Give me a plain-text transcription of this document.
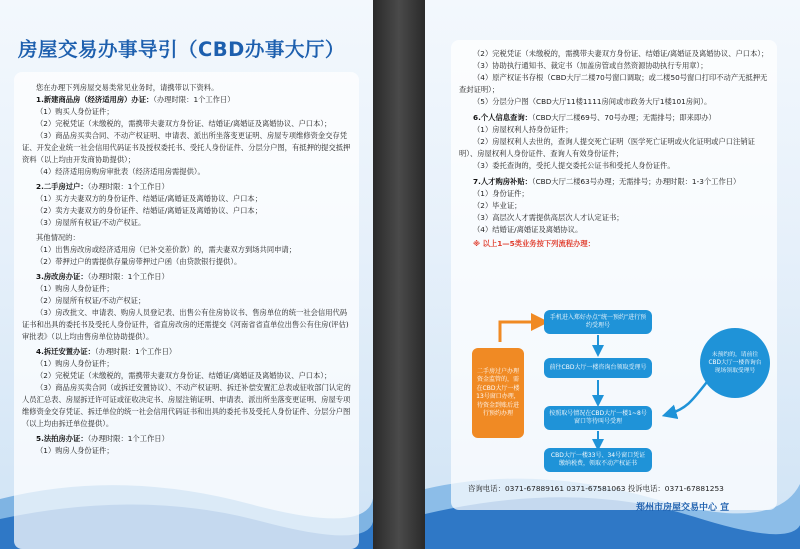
房屋交易办事导引（CBD办事大厅）

您在办理下列房屋交易类常见业务时，请携带以下资料。

1.新建商品房（经济适用房）办证：（办理时限：1个工作日）

（1）购买人身份证件；

（2）完税凭证（未缴税的，需携带夫妻双方身份证、结婚证/离婚证及离婚协议、户口本）；

（3）商品房买卖合同、不动产权证明、申请表、派出所坐落变更证明、房屋专项维修资金交存凭证、开发企业统一社会信用代码证书及授权委托书、受托人身份证件、分层分户图，有抵押的提交抵押资料（以上均由开发商协助提供）；

（4）经济适用房购房审批表（经济适用房需提供）。

2.二手房过户：（办理时限：1个工作日）

（1）买方夫妻双方的身份证件、结婚证/离婚证及离婚协议、户口本；

（2）卖方夫妻双方的身份证件、结婚证/离婚证及离婚协议、户口本；

（3）房屋所有权证/不动产权证。

其他情况的：

（1）出售房改房或经济适用房（已补交差价款）的，需夫妻双方到场共同申请；

（2）带押过户的需提供存量房带押过户函（由贷款银行提供）。

3.房改房办证：（办理时限：1个工作日）

（1）购房人身份证件；

（2）房屋所有权证/不动产权证；

（3）房改批文、申请表、购房人员登记表、出售公有住房协议书、售房单位的统一社会信用代码证书和出具的委托书及受托人身份证件，省直房改房的还需提交《河南省省直单位出售公有住房(评估)审批表》（以上均由售房单位协助提供）。

4.拆迁安置办证：（办理时限：1个工作日）

（1）购房人身份证件；

（2）完税凭证（未缴税的，需携带夫妻双方身份证、结婚证/离婚证及离婚协议、户口本）；

（3）商品房买卖合同（或拆迁安置协议）、不动产权证明、拆迁补偿安置汇总表或征收部门认定的人员汇总表、房屋拆迁许可证或征收决定书、房屋注销证明、申请表、派出所坐落变更证明、房屋专项维修资金交存凭证、拆迁单位的统一社会信用代码证书和出具的委托书及受托人身份证件、分层分户图（以上均由拆迁单位提供）。

5.法拍房办证：（办理时限：1个工作日）

（1）购房人身份证件；

（2）完税凭证（未缴税的，需携带夫妻双方身份证、结婚证/离婚证及离婚协议、户口本）；

（3）协助执行通知书、裁定书（加盖房管或自然资源协助执行专用章）；

（4）原产权证书存根（CBD大厅二楼70号窗口调取；或二楼50号窗口打印不动产无抵押无查封证明）；

（5）分层分户图（CBD大厅11楼1111房间或市政务大厅1楼101房间）。

6.个人信息查询：（CBD大厅二楼69号、70号办理；无需排号；即来即办）

（1）房屋权利人持身份证件；

（2）房屋权利人去世的，查询人提交死亡证明（医学死亡证明或火化证明或户口注销证明）、房屋权利人身份证件、查询人有效身份证件；

（3）委托查询的，受托人提交委托公证书和受托人身份证件。

7.人才购房补贴：（CBD大厅二楼63号办理；无需排号；办理时限：1-3个工作日）

（1）身份证件；

（2）毕业证；

（3）高层次人才需提供高层次人才认定证书；

（4）结婚证/离婚证及离婚协议。

※ 以上1—5类业务按下列流程办理：

二手房过户办理资金监管的，需在CBD大厅一楼13号窗口办理，待资金到账后进行预约办理
手机进入郑好办点“统一预约”进行预约受理号
前往CBD大厅一楼咨询台领取受理号
按照取号情况在CBD大厅一楼1~8号窗口等待叫号受理
CBD大厅一楼33号、34号窗口凭证缴纳税费，领取不动产权证书
未预约的，请前往CBD大厅一楼咨询台现场领取受理号
咨询电话：0371-67889161 0371-67581063 投诉电话：0371-67881253
郑州市房屋交易中心 宣
